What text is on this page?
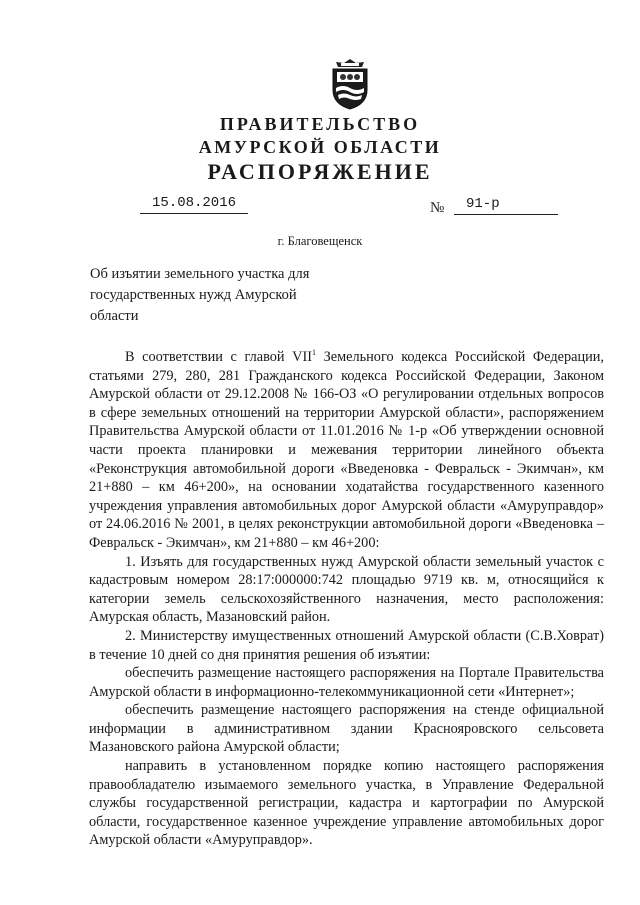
ПРАВИТЕЛЬСТВО
АМУРСКОЙ ОБЛАСТИ
РАСПОРЯЖЕНИЕ
15.08.2016	№	91-р
г. Благовещенск
Об изъятии земельного участка для государственных нужд Амурской области

В соответствии с главой VII$^1$ Земельного кодекса Российской Федерации, статьями 279, 280, 281 Гражданского кодекса Российской Федерации, Законом Амурской области от 29.12.2008 № 166-ОЗ «О регулировании отдельных вопросов в сфере земельных отношений на территории Амурской области», распоряжением Правительства Амурской области от 11.01.2016 № 1-р «Об утверждении основной части проекта планировки и межевания территории линейного объекта «Реконструкция автомобильной дороги «Введеновка - Февральск - Экимчан», км 21+880 – км 46+200», на основании ходатайства государственного казенного учреждения управления автомобильных дорог Амурской области «Амуруправдор» от 24.06.2016 № 2001, в целях реконструкции автомобильной дороги «Введеновка – Февральск - Экимчан», км 21+880 – км 46+200:

1. Изъять для государственных нужд Амурской области земельный участок с кадастровым номером 28:17:000000:742 площадью 9719 кв. м, относящийся к категории земель сельскохозяйственного назначения, место расположения: Амурская область, Мазановский район.

2. Министерству имущественных отношений Амурской области (С.В.Ховрат) в течение 10 дней со дня принятия решения об изъятии:

обеспечить размещение настоящего распоряжения на Портале Правительства Амурской области в информационно-телекоммуникационной сети «Интернет»;

обеспечить размещение настоящего распоряжения на стенде официальной информации в административном здании Краснояровского сельсовета Мазановского района Амурской области;

направить в установленном порядке копию настоящего распоряжения правообладателю изымаемого земельного участка, в Управление Федеральной службы государственной регистрации, кадастра и картографии по Амурской области, государственное казенное учреждение управление автомобильных дорог Амурской области «Амуруправдор».
